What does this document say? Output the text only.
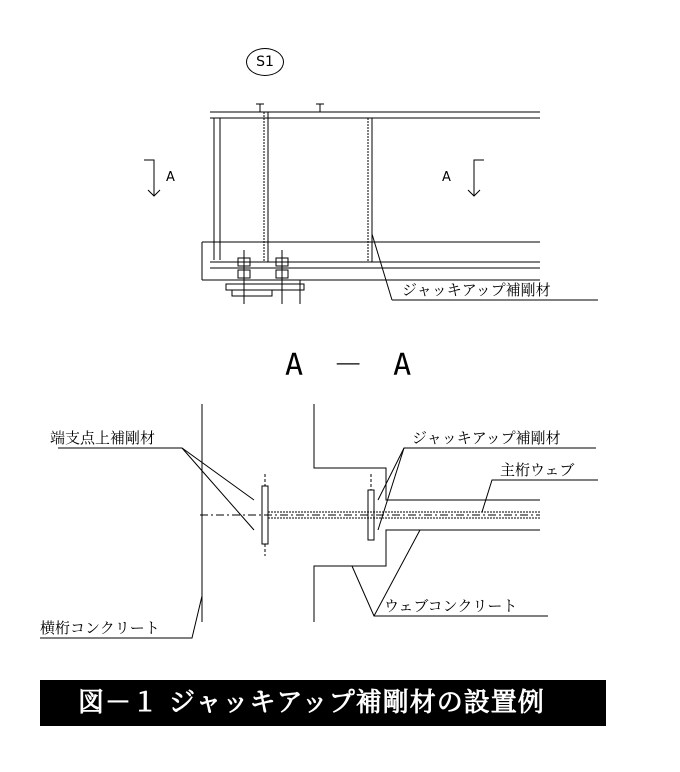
S1
A	A
ジャッキアップ補剛材
A － A
端支点上補剛材	ジャッキアップ補剛材
主桁ウェブ
横桁コンクリート
ウェブコンクリート
図－１ ジャッキアップ補剛材の設置例
